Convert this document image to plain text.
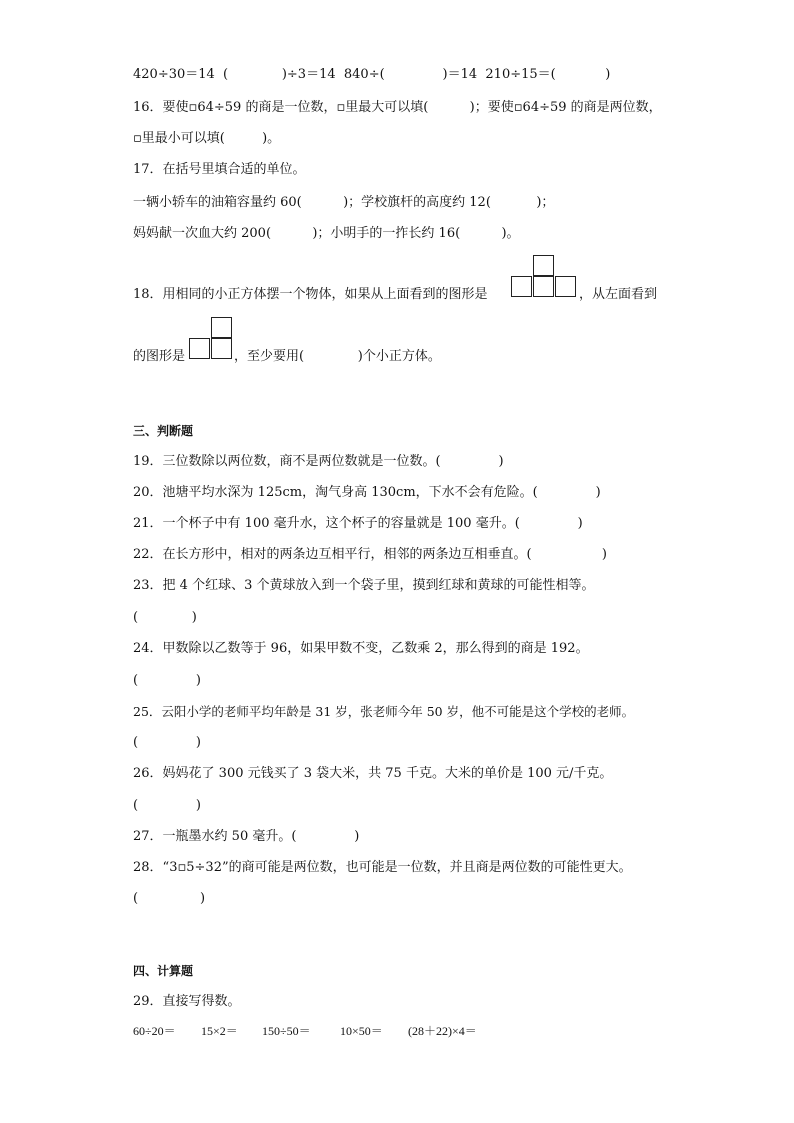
420÷30＝14  (             )÷3＝14  840÷(              )＝14  210÷15＝(            )
16．要使▫64÷59 的商是一位数，▫里最大可以填(          )；要使▫64÷59 的商是两位数，
▫里最小可以填(         )。
17．在括号里填合适的单位。
一辆小轿车的油箱容量约 60(          )；学校旗杆的高度约 12(           )；
妈妈献一次血大约 200(          )；小明手的一拃长约 16(          )。
18．用相同的小正方体摆一个物体，如果从上面看到的图形是	，从左面看到
的图形是	，至少要用(             )个小正方体。
三、判断题
19．三位数除以两位数，商不是两位数就是一位数。(              )
20．池塘平均水深为 125cm，淘气身高 130cm，下水不会有危险。(              )
21．一个杯子中有 100 毫升水，这个杯子的容量就是 100 毫升。(              )
22．在长方形中，相对的两条边互相平行，相邻的两条边互相垂直。(                 )
23．把 4 个红球、3 个黄球放入到一个袋子里，摸到红球和黄球的可能性相等。
(             )
24．甲数除以乙数等于 96，如果甲数不变，乙数乘 2，那么得到的商是 192。
(              )
25．云阳小学的老师平均年龄是 31 岁，张老师今年 50 岁，他不可能是这个学校的老师。
(              )
26．妈妈花了 300 元钱买了 3 袋大米，共 75 千克。大米的单价是 100 元/千克。
(              )
27．一瓶墨水约 50 毫升。(              )
28．“3▫5÷32”的商可能是两位数，也可能是一位数，并且商是两位数的可能性更大。
(               )
四、计算题
29．直接写得数。
60÷20＝ 15×2＝ 150÷50＝ 10×50＝ (28＋22)×4＝
